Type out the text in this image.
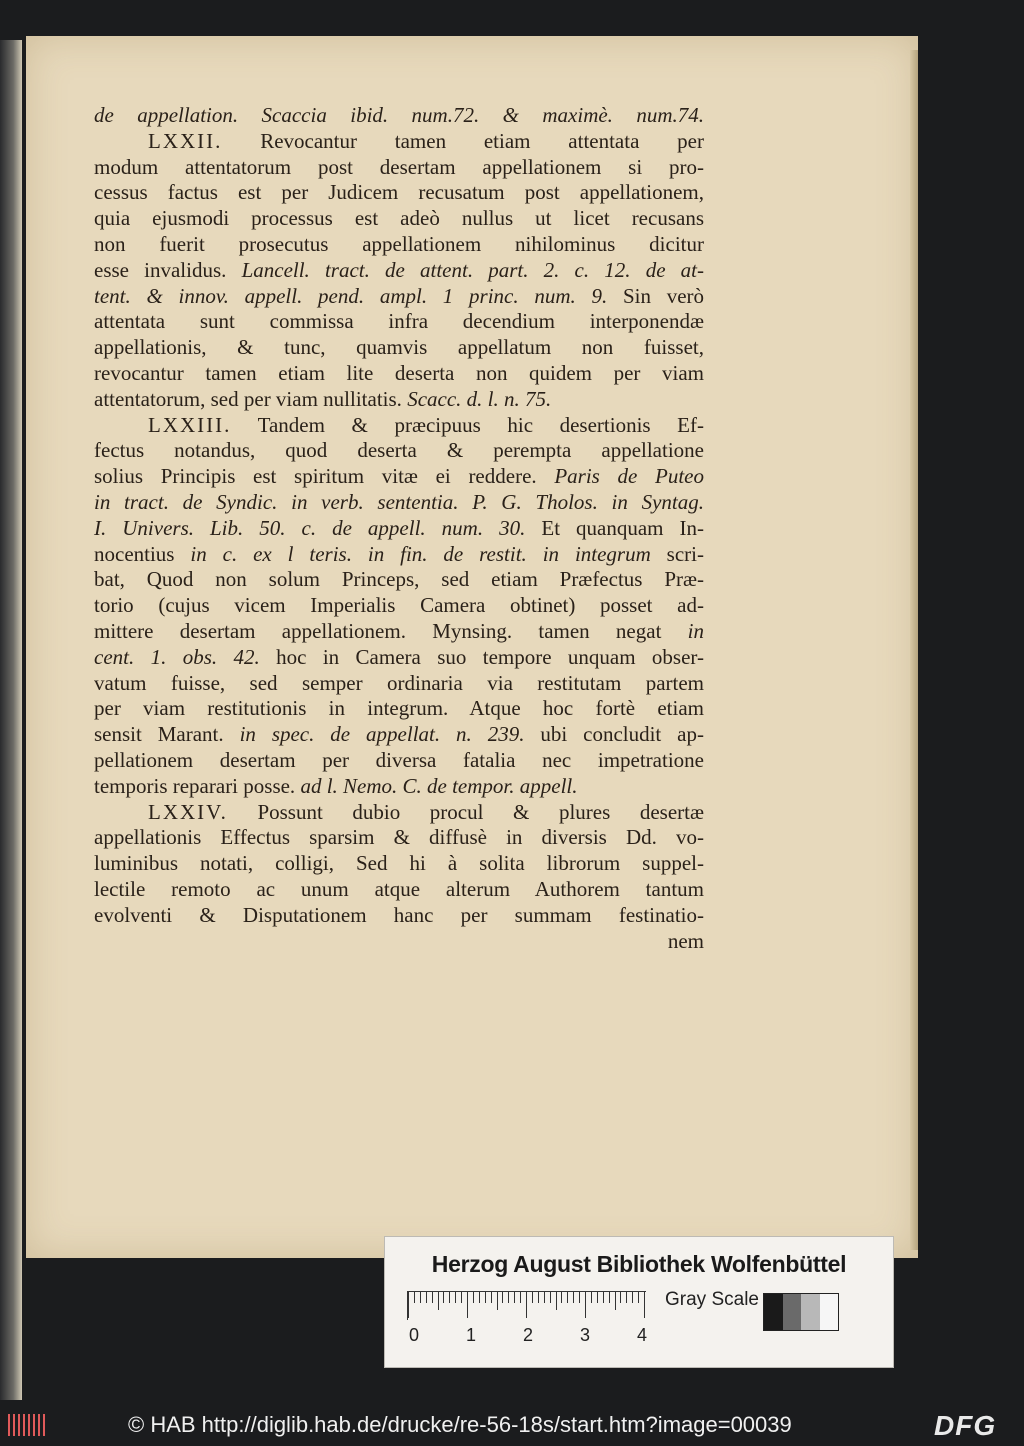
de appellation. Scaccia ibid. num.72. & maximè. num.74.
LXXII. Revocantur tamen etiam attentata per
modum attentatorum post desertam appellationem si pro-
cessus factus est per Judicem recusatum post appellationem,
quia ejusmodi processus est adeò nullus ut licet recusans
non fuerit prosecutus appellationem nihilominus dicitur
esse invalidus. Lancell. tract. de attent. part. 2. c. 12. de at-
tent. & innov. appell. pend. ampl. 1 princ. num. 9. Sin verò
attentata sunt commissa infra decendium interponendæ
appellationis, & tunc, quamvis appellatum non fuisset,
revocantur tamen etiam lite deserta non quidem per viam
attentatorum, sed per viam nullitatis. Scacc. d. l. n. 75.
LXXIII. Tandem & præcipuus hic desertionis Ef-
fectus notandus, quod deserta & perempta appellatione
solius Principis est spiritum vitæ ei reddere. Paris de Puteo
in tract. de Syndic. in verb. sententia. P. G. Tholos. in Syntag.
I. Univers. Lib. 50. c. de appell. num. 30. Et quanquam In-
nocentius in c. ex l teris. in fin. de restit. in integrum scri-
bat, Quod non solum Princeps, sed etiam Præfectus Præ-
torio (cujus vicem Imperialis Camera obtinet) posset ad-
mittere desertam appellationem. Mynsing. tamen negat in
cent. 1. obs. 42. hoc in Camera suo tempore unquam obser-
vatum fuisse, sed semper ordinaria via restitutam partem
per viam restitutionis in integrum. Atque hoc fortè etiam
sensit Marant. in spec. de appellat. n. 239. ubi concludit ap-
pellationem desertam per diversa fatalia nec impetratione
temporis reparari posse. ad l. Nemo. C. de tempor. appell.
LXXIV. Possunt dubio procul & plures desertæ
appellationis Effectus sparsim & diffusè in diversis Dd. vo-
luminibus notati, colligi, Sed hi à solita librorum suppel-
lectile remoto ac unum atque alterum Authorem tantum
evolventi & Disputationem hanc per summam festinatio-
nem
Herzog August Bibliothek Wolfenbüttel
0	1	2	3	4
Gray Scale
© HAB http://diglib.hab.de/drucke/re-56-18s/start.htm?image=00039	DFG
